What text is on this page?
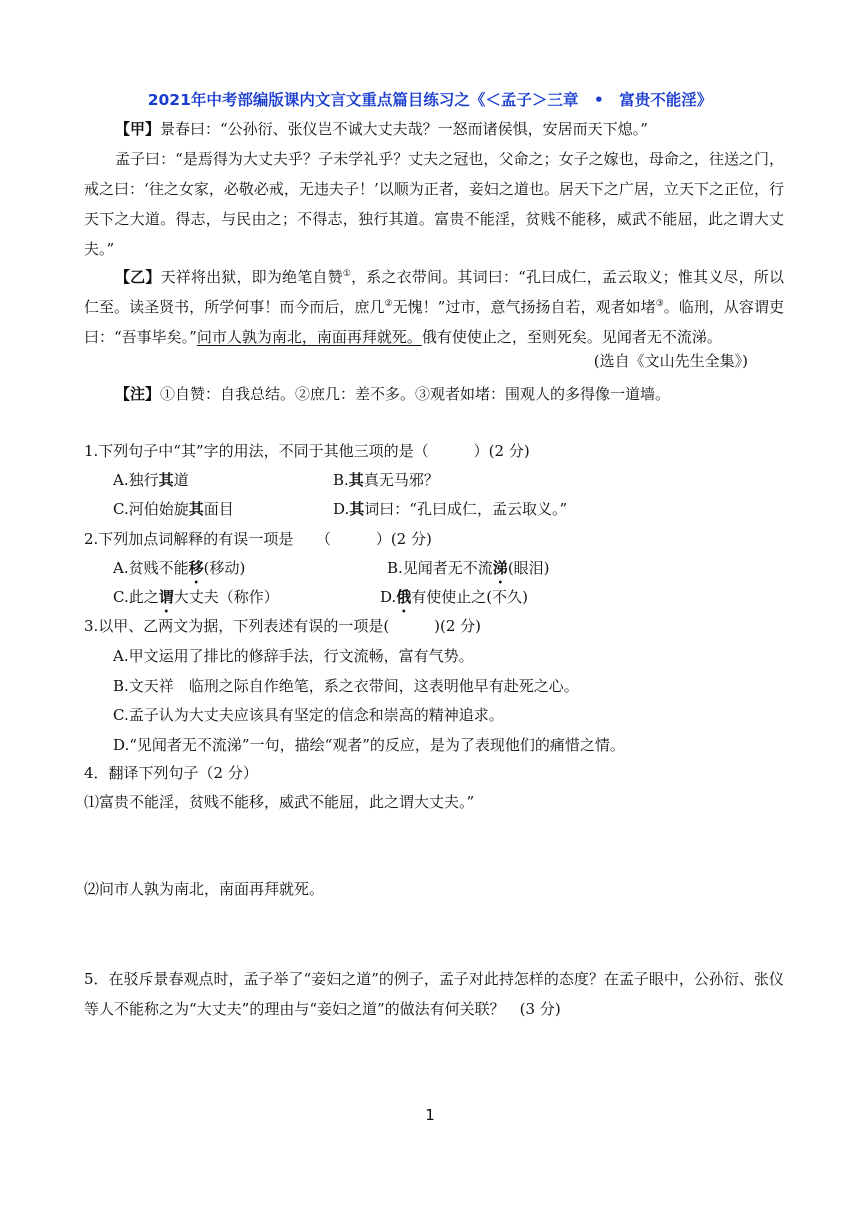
2021年中考部编版课内文言文重点篇目练习之《＜孟子＞三章　•　富贵不能淫》
【甲】景春曰：“公孙衍、张仪岂不诚大丈夫哉？一怒而诸侯惧，安居而天下熄。”
孟子曰：“是焉得为大丈夫乎？子未学礼乎？丈夫之冠也，父命之；女子之嫁也，母命之，往送之门，戒之曰：‘往之女家，必敬必戒，无违夫子！’以顺为正者，妾妇之道也。居天下之广居，立天下之正位，行天下之大道。得志，与民由之；不得志，独行其道。富贵不能淫，贫贱不能移，威武不能屈，此之谓大丈夫。”
【乙】天祥将出狱，即为绝笔自赞①，系之衣带间。其词曰：“孔曰成仁，孟云取义；惟其义尽，所以仁至。读圣贤书，所学何事！而今而后，庶几②无愧！”过市，意气扬扬自若，观者如堵③。临刑，从容谓吏曰：“吾事毕矣。”问市人孰为南北，南面再拜就死。俄有使使止之，至则死矣。见闻者无不流涕。
(选自《文山先生全集》)
【注】①自赞：自我总结。②庶几：差不多。③观者如堵：围观人的多得像一道墙。
1.下列句子中“其”字的用法，不同于其他三项的是（　　　）(2 分)
A.独行其道	B.其真无马邪？
C.河伯始旋其面目	D.其词曰：“孔曰成仁，孟云取义。”
2.下列加点词解释的有误一项是　　（　　　）(2 分)
A.贫贱不能移(移动)	B.见闻者无不流涕(眼泪)
C.此之谓大丈夫（称作）	D.俄有使使止之(不久)
3.以甲、乙两文为据，下列表述有误的一项是(　　　)(2 分)
A.甲文运用了排比的修辞手法，行文流畅，富有气势。
B.文天祥　临刑之际自作绝笔，系之衣带间，这表明他早有赴死之心。
C.孟子认为大丈夫应该具有坚定的信念和崇高的精神追求。
D.“见闻者无不流涕”一句，描绘“观者”的反应，是为了表现他们的痛惜之情。
4．翻译下列句子（2 分）
⑴富贵不能淫，贫贱不能移，威武不能屈，此之谓大丈夫。”
⑵问市人孰为南北，南面再拜就死。
5．在驳斥景春观点时，孟子举了“妾妇之道”的例子，孟子对此持怎样的态度？在孟子眼中，公孙衍、张仪等人不能称之为“大丈夫”的理由与“妾妇之道”的做法有何关联？　(3 分)
1
